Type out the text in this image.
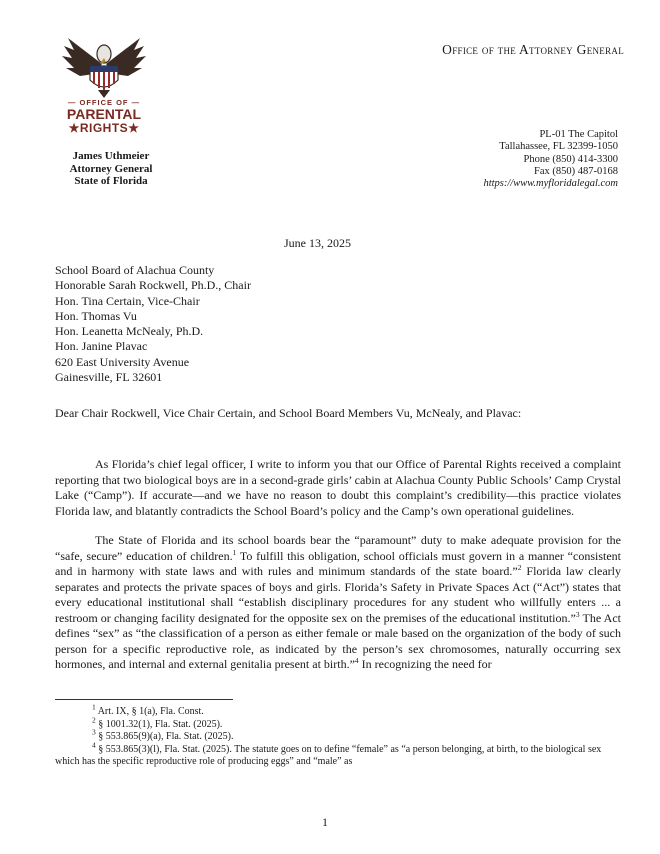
— OFFICE OF —
PARENTAL
★RIGHTS★
Office of the Attorney General
James Uthmeier
Attorney General
State of Florida
PL-01 The Capitol
Tallahassee, FL 32399-1050
Phone (850) 414-3300
Fax (850) 487-0168
https://www.myfloridalegal.com
June 13, 2025
School Board of Alachua County
Honorable Sarah Rockwell, Ph.D., Chair
Hon. Tina Certain, Vice-Chair
Hon. Thomas Vu
Hon. Leanetta McNealy, Ph.D.
Hon. Janine Plavac
620 East University Avenue
Gainesville, FL 32601
Dear Chair Rockwell, Vice Chair Certain, and School Board Members Vu, McNealy, and Plavac:
As Florida’s chief legal officer, I write to inform you that our Office of Parental Rights received a complaint reporting that two biological boys are in a second-grade girls’ cabin at Alachua County Public Schools’ Camp Crystal Lake (“Camp”). If accurate—and we have no reason to doubt this complaint’s credibility—this practice violates Florida law, and blatantly contradicts the School Board’s policy and the Camp’s own operational guidelines.
The State of Florida and its school boards bear the “paramount” duty to make adequate provision for the “safe, secure” education of children.$^1$ To fulfill this obligation, school officials must govern in a manner “consistent and in harmony with state laws and with rules and minimum standards of the state board.”$^2$ Florida law clearly separates and protects the private spaces of boys and girls. Florida’s Safety in Private Spaces Act (“Act”) states that every educational institutional shall “establish disciplinary procedures for any student who willfully enters ... a restroom or changing facility designated for the opposite sex on the premises of the educational institution.”$^3$ The Act defines “sex” as “the classification of a person as either female or male based on the organization of the body of such person for a specific reproductive role, as indicated by the person’s sex chromosomes, naturally occurring sex hormones, and internal and external genitalia present at birth.”$^4$ In recognizing the need for
$^1$ Art. IX, § 1(a), Fla. Const.
$^2$ § 1001.32(1), Fla. Stat. (2025).
$^3$ § 553.865(9)(a), Fla. Stat. (2025).
$^4$ § 553.865(3)(l), Fla. Stat. (2025). The statute goes on to define “female” as “a person belonging, at birth, to the biological sex which has the specific reproductive role of producing eggs” and “male” as
1
